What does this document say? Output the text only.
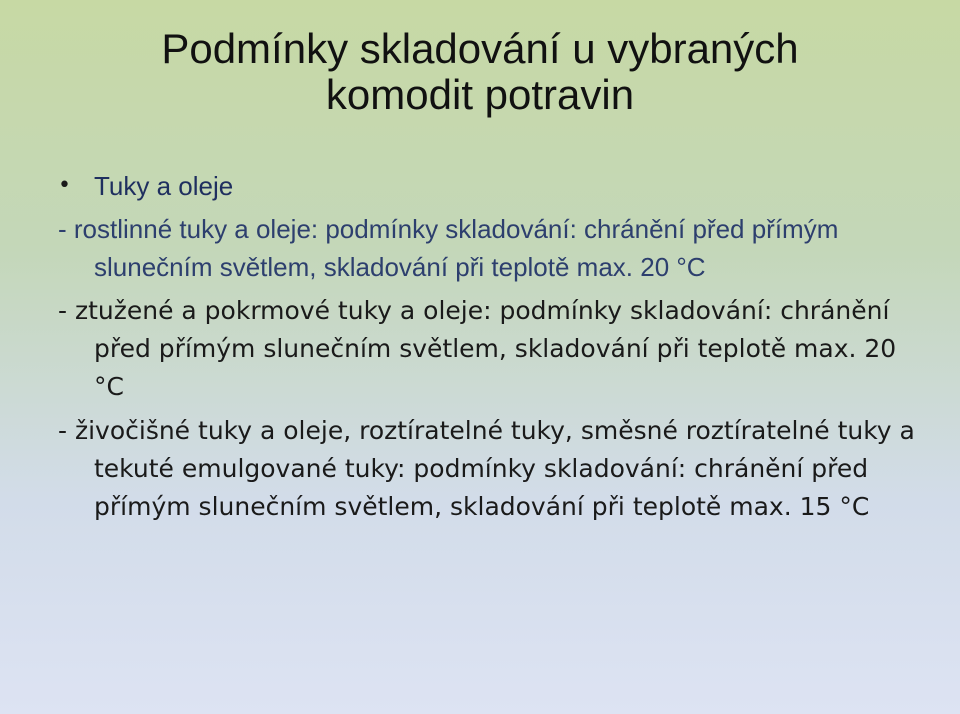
Podmínky skladování u vybraných
komodit potravin
• Tuky a oleje

- rostlinné tuky a oleje: podmínky skladování: chránění před přímým slunečním světlem, skladování při teplotě max. 20 °C

- ztužené a pokrmové tuky a oleje: podmínky skladování: chránění před přímým slunečním světlem, skladování při teplotě max. 20 °C

- živočišné tuky a oleje, roztíratelné tuky, směsné roztíratelné tuky a tekuté emulgované tuky: podmínky skladování: chránění před přímým slunečním světlem, skladování při teplotě max. 15 °C
